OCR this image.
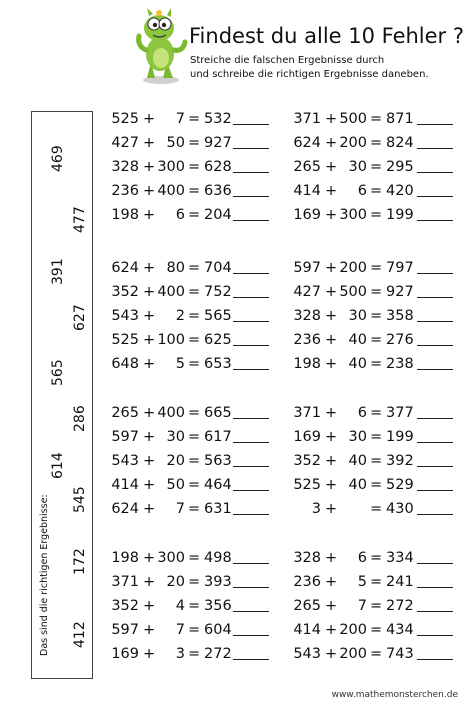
Findest du alle 10 Fehler ?
Streiche die falschen Ergebnisse durch
und schreibe die richtigen Ergebnisse daneben.
Das sind die richtigen Ergebnisse:
469
477
391
627
565
286
614
545
172
412
525 +	7 = 532
427 + 50 = 927
328 + 300 = 628
236 + 400 = 636
198 +	6 = 204
371 + 500 = 871
624 + 200 = 824
265 + 30 = 295
414 +	6 = 420
169 + 300 = 199
624 + 80 = 704
352 + 400 = 752
543 +	2 = 565
525 + 100 = 625
648 +	5 = 653
597 + 200 = 797
427 + 500 = 927
328 + 30 = 358
236 + 40 = 276
198 + 40 = 238
265 + 400 = 665
597 + 30 = 617
543 + 20 = 563
414 + 50 = 464
624 +	7 = 631
371 +	6 = 377
169 + 30 = 199
352 + 40 = 392
525 + 40 = 529
3 + = 430
198 + 300 = 498
371 + 20 = 393
352 +	4 = 356
597 +	7 = 604
169 +	3 = 272
328 +	6 = 334
236 +	5 = 241
265 +	7 = 272
414 + 200 = 434
543 + 200 = 743
www.mathemonsterchen.de
